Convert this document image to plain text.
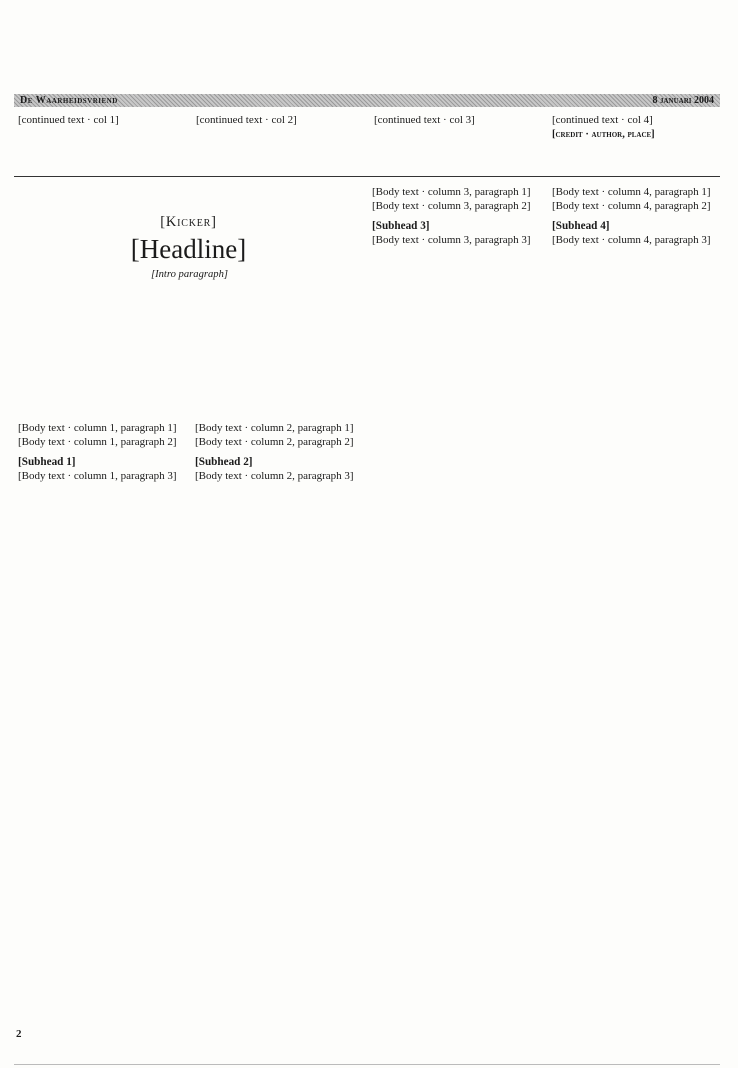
De Waarheidsvriend	8 januari 2004

[continued text · col 1]	[continued text · col 2]	[continued text · col 3]	[continued text · col 4]

[credit · author, place]
[Kicker]
[Headline]
[Intro paragraph]

[Body text · column 1, paragraph 1]

[Body text · column 1, paragraph 2]

[Subhead 1]

[Body text · column 1, paragraph 3]

[Body text · column 2, paragraph 1]

[Body text · column 2, paragraph 2]

[Subhead 2]

[Body text · column 2, paragraph 3]

[Body text · column 3, paragraph 1]

[Body text · column 3, paragraph 2]

[Subhead 3]

[Body text · column 3, paragraph 3]

[Body text · column 4, paragraph 1]

[Body text · column 4, paragraph 2]

[Subhead 4]

[Body text · column 4, paragraph 3]

2
